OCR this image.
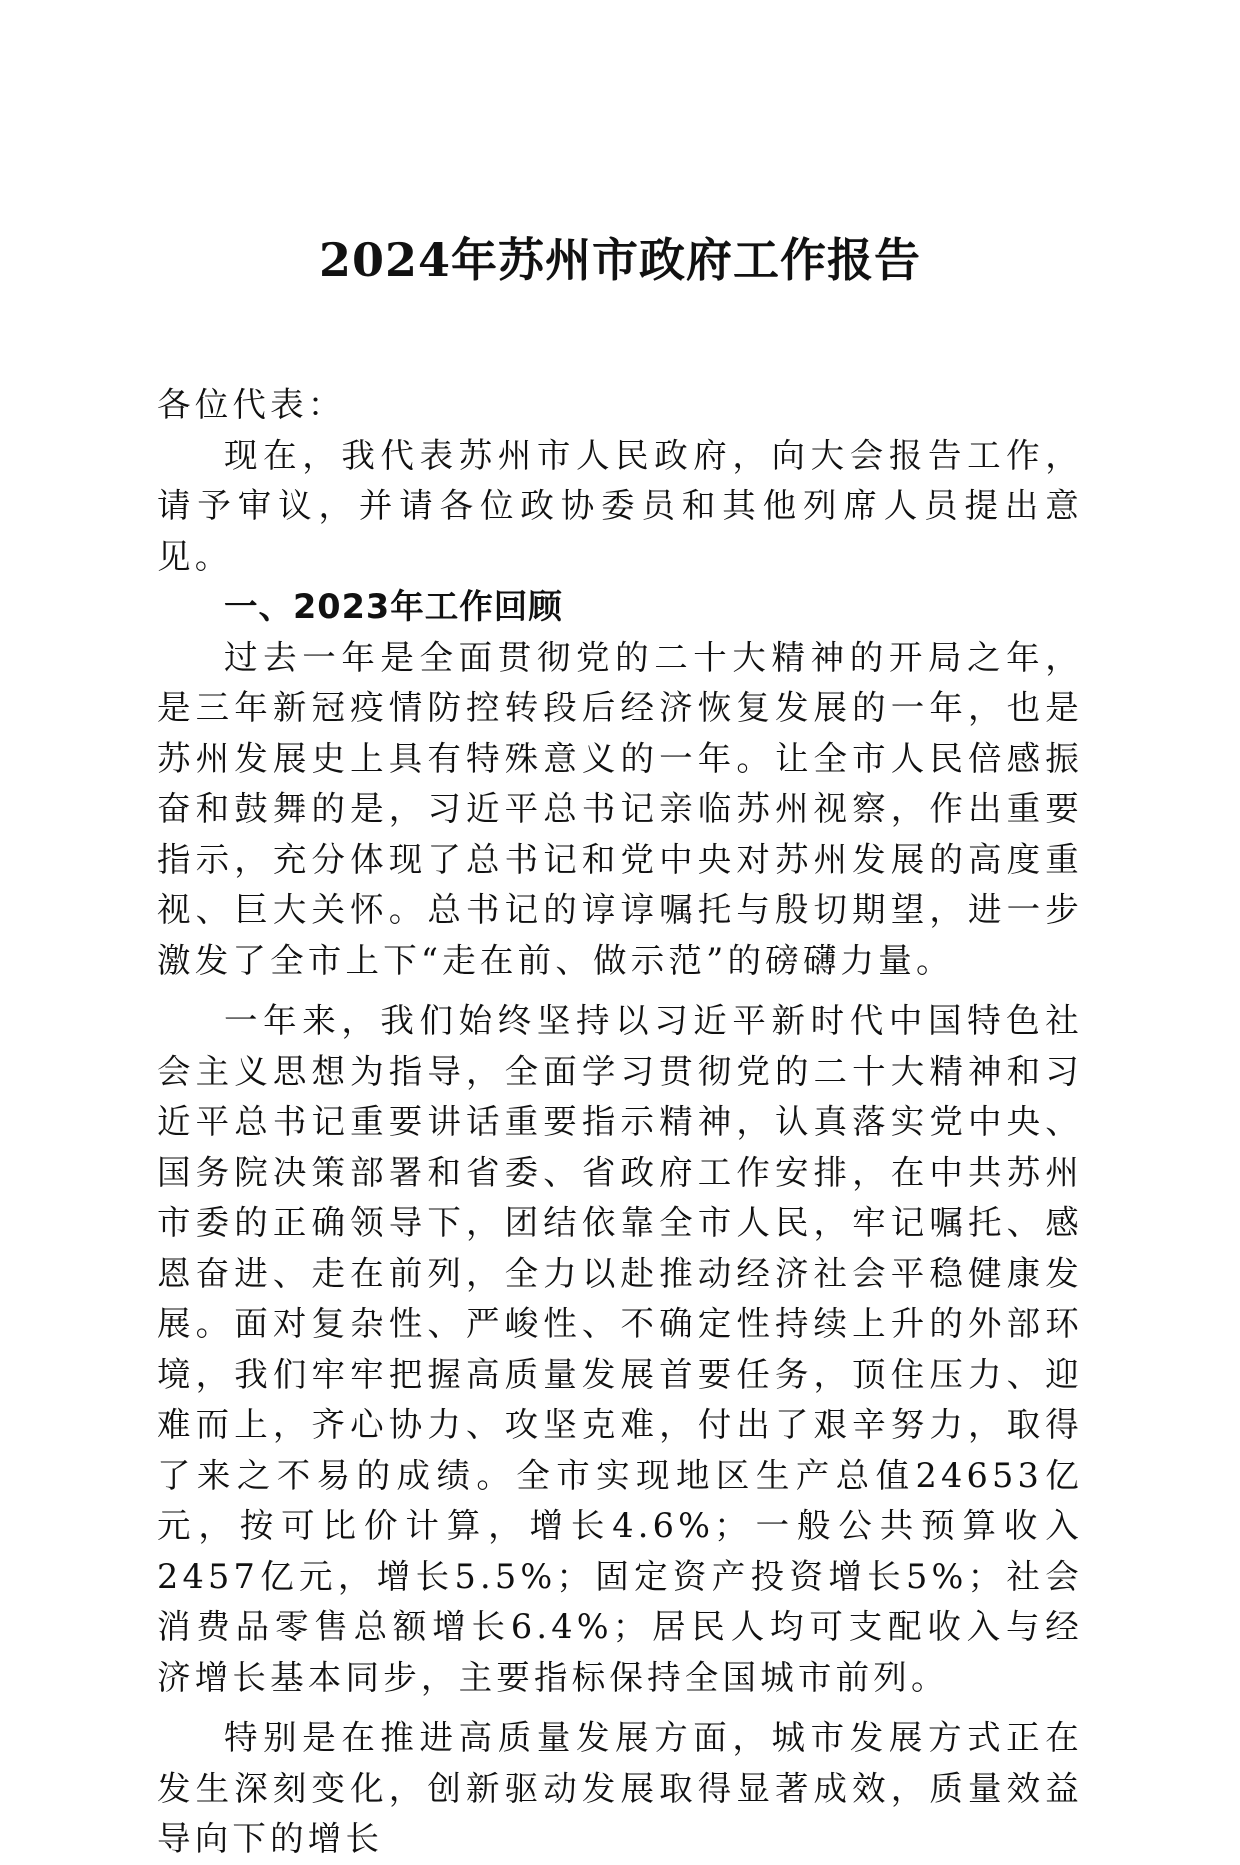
2024年苏州市政府工作报告

各位代表：

现在，我代表苏州市人民政府，向大会报告工作，请予审议，并请各位政协委员和其他列席人员提出意见。

一、2023年工作回顾

过去一年是全面贯彻党的二十大精神的开局之年，是三年新冠疫情防控转段后经济恢复发展的一年，也是苏州发展史上具有特殊意义的一年。让全市人民倍感振奋和鼓舞的是，习近平总书记亲临苏州视察，作出重要指示，充分体现了总书记和党中央对苏州发展的高度重视、巨大关怀。总书记的谆谆嘱托与殷切期望，进一步激发了全市上下“走在前、做示范”的磅礴力量。

一年来，我们始终坚持以习近平新时代中国特色社会主义思想为指导，全面学习贯彻党的二十大精神和习近平总书记重要讲话重要指示精神，认真落实党中央、国务院决策部署和省委、省政府工作安排，在中共苏州市委的正确领导下，团结依靠全市人民，牢记嘱托、感恩奋进、走在前列，全力以赴推动经济社会平稳健康发展。面对复杂性、严峻性、不确定性持续上升的外部环境，我们牢牢把握高质量发展首要任务，顶住压力、迎难而上，齐心协力、攻坚克难，付出了艰辛努力，取得了来之不易的成绩。全市实现地区生产总值24653亿元，按可比价计算，增长4.6%；一般公共预算收入2457亿元，增长5.5%；固定资产投资增长5%；社会消费品零售总额增长6.4%；居民人均可支配收入与经济增长基本同步，主要指标保持全国城市前列。

特别是在推进高质量发展方面，城市发展方式正在发生深刻变化，创新驱动发展取得显著成效，质量效益导向下的增长
